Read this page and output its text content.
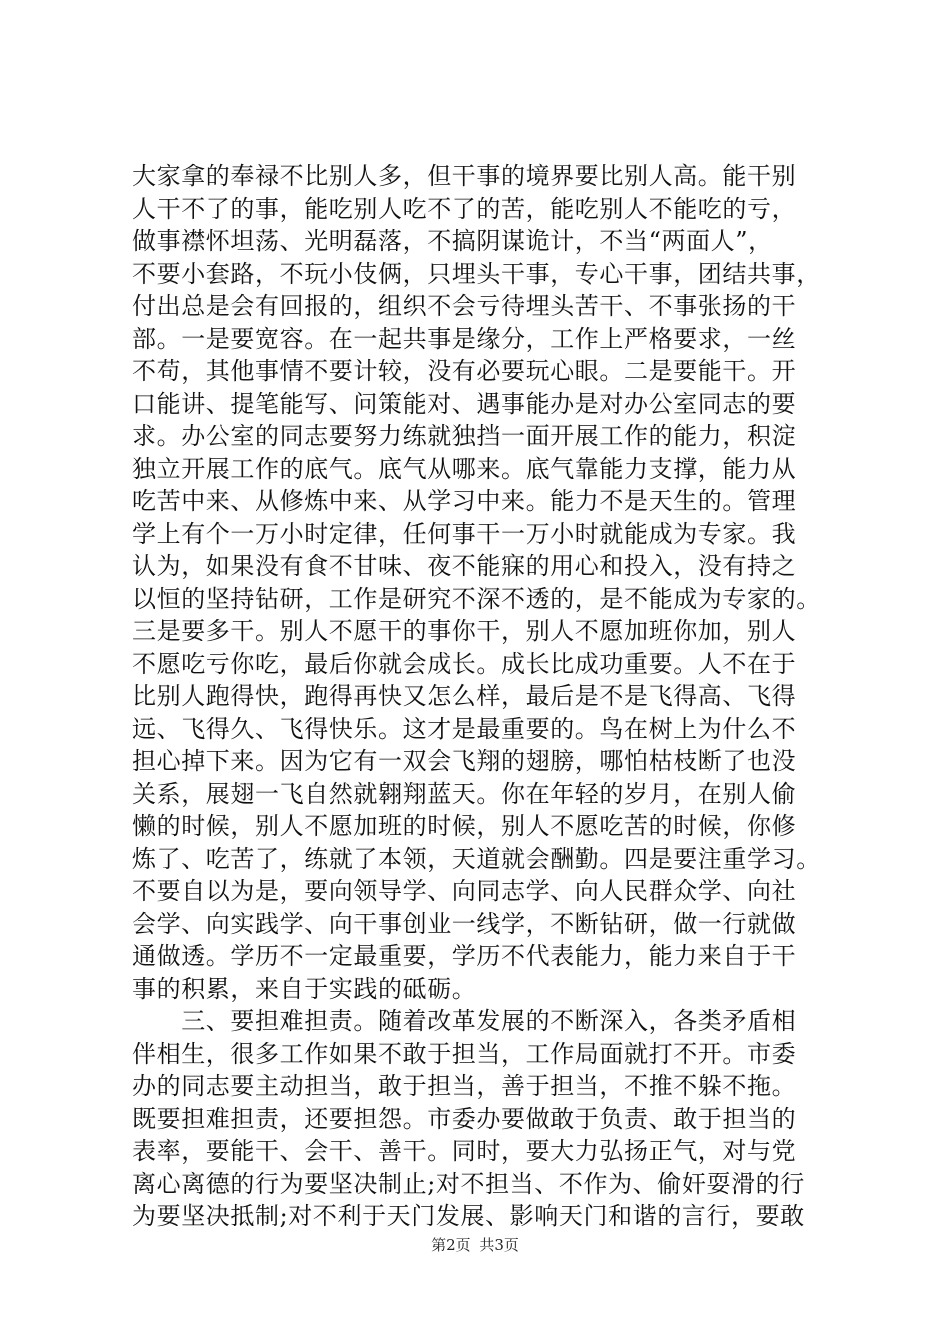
大家拿的奉禄不比别人多，但干事的境界要比别人高。能干别
人干不了的事，能吃别人吃不了的苦，能吃别人不能吃的亏，
做事襟怀坦荡、光明磊落，不搞阴谋诡计，不当“两面人”，
不要小套路，不玩小伎俩，只埋头干事，专心干事，团结共事，
付出总是会有回报的，组织不会亏待埋头苦干、不事张扬的干
部。一是要宽容。在一起共事是缘分，工作上严格要求，一丝
不苟，其他事情不要计较，没有必要玩心眼。二是要能干。开
口能讲、提笔能写、问策能对、遇事能办是对办公室同志的要
求。办公室的同志要努力练就独挡一面开展工作的能力，积淀
独立开展工作的底气。底气从哪来。底气靠能力支撑，能力从
吃苦中来、从修炼中来、从学习中来。能力不是天生的。管理
学上有个一万小时定律，任何事干一万小时就能成为专家。我
认为，如果没有食不甘味、夜不能寐的用心和投入，没有持之
以恒的坚持钻研，工作是研究不深不透的，是不能成为专家的。
三是要多干。别人不愿干的事你干，别人不愿加班你加，别人
不愿吃亏你吃，最后你就会成长。成长比成功重要。人不在于
比别人跑得快，跑得再快又怎么样，最后是不是飞得高、飞得
远、飞得久、飞得快乐。这才是最重要的。鸟在树上为什么不
担心掉下来。因为它有一双会飞翔的翅膀，哪怕枯枝断了也没
关系，展翅一飞自然就翱翔蓝天。你在年轻的岁月，在别人偷
懒的时候，别人不愿加班的时候，别人不愿吃苦的时候，你修
炼了、吃苦了，练就了本领，天道就会酬勤。四是要注重学习。
不要自以为是，要向领导学、向同志学、向人民群众学、向社
会学、向实践学、向干事创业一线学，不断钻研，做一行就做
通做透。学历不一定最重要，学历不代表能力，能力来自于干
事的积累，来自于实践的砥砺。
　　三、要担难担责。随着改革发展的不断深入，各类矛盾相
伴相生，很多工作如果不敢于担当，工作局面就打不开。市委
办的同志要主动担当，敢于担当，善于担当，不推不躲不拖。
既要担难担责，还要担怨。市委办要做敢于负责、敢于担当的
表率，要能干、会干、善干。同时，要大力弘扬正气，对与党
离心离德的行为要坚决制止;对不担当、不作为、偷奸耍滑的行
为要坚决抵制;对不利于天门发展、影响天门和谐的言行，要敢
第2页 共3页
